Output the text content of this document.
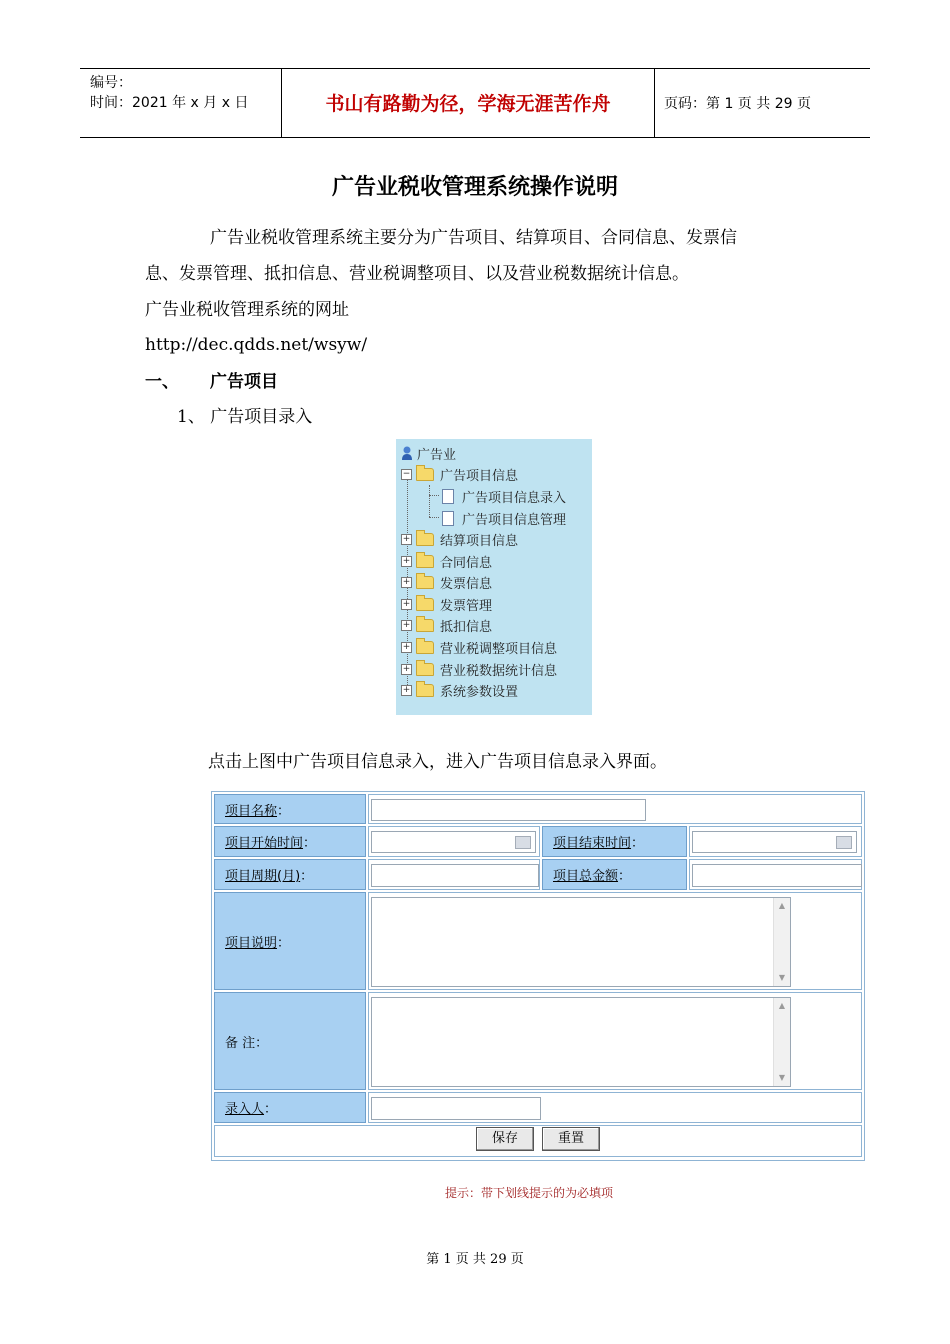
编号：
时间：2021 年 x 月 x 日	书山有路勤为径，学海无涯苦作舟	页码：第 1 页 共 29 页
广告业税收管理系统操作说明
广告业税收管理系统主要分为广告项目、结算项目、合同信息、发票信
息、发票管理、抵扣信息、营业税调整项目、以及营业税数据统计信息。
广告业税收管理系统的网址
http://dec.qdds.net/wsyw/
一、 广告项目
1、 广告项目录入
广告业
− 广告项目信息
广告项目信息录入
广告项目信息管理
+ 结算项目信息
+ 合同信息
+ 发票信息
+ 发票管理
+ 抵扣信息
+ 营业税调整项目信息
+ 营业税数据统计信息
+ 系统参数设置
点击上图中广告项目信息录入，进入广告项目信息录入界面。
项目名称 ：
项目开始时间 ：	项目结束时间 ：
项目周期(月) ：	项目总金额 ：
项目说明 ：
▲
▼
备 注：
▲
▼
录入人 ：
保存	重置
提示：带下划线提示的为必填项
第 1 页 共 29 页
